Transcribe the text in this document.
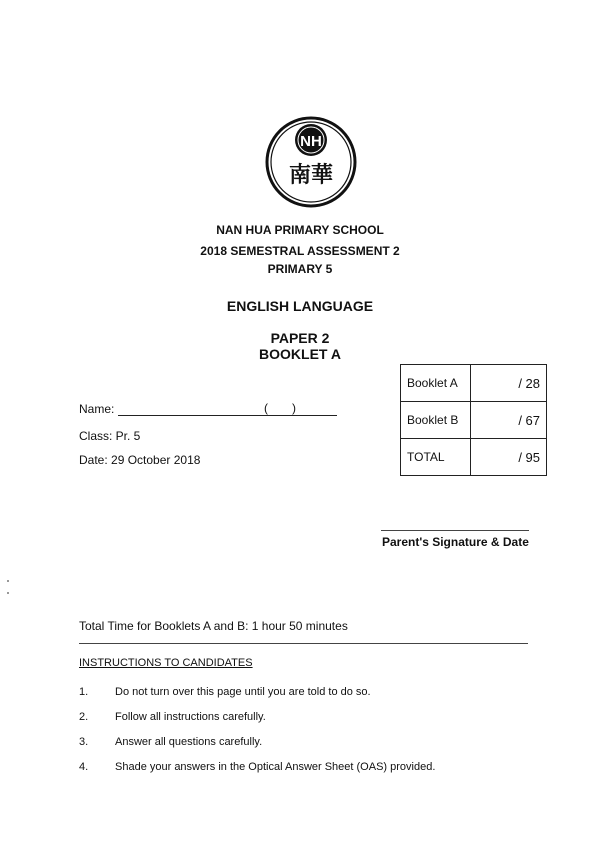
NH
南華
NAN HUA PRIMARY SCHOOL
2018 SEMESTRAL ASSESSMENT 2
PRIMARY 5
ENGLISH LANGUAGE
PAPER 2
BOOKLET A
Name:	( )
Class: Pr. 5
Date: 29 October 2018
Booklet A	/ 28
Booklet B	/ 67
TOTAL	/ 95
Parent's Signature & Date
Total Time for Booklets A and B: 1 hour 50 minutes
INSTRUCTIONS TO CANDIDATES
1. Do not turn over this page until you are told to do so.
2. Follow all instructions carefully.
3. Answer all questions carefully.
4. Shade your answers in the Optical Answer Sheet (OAS) provided.
